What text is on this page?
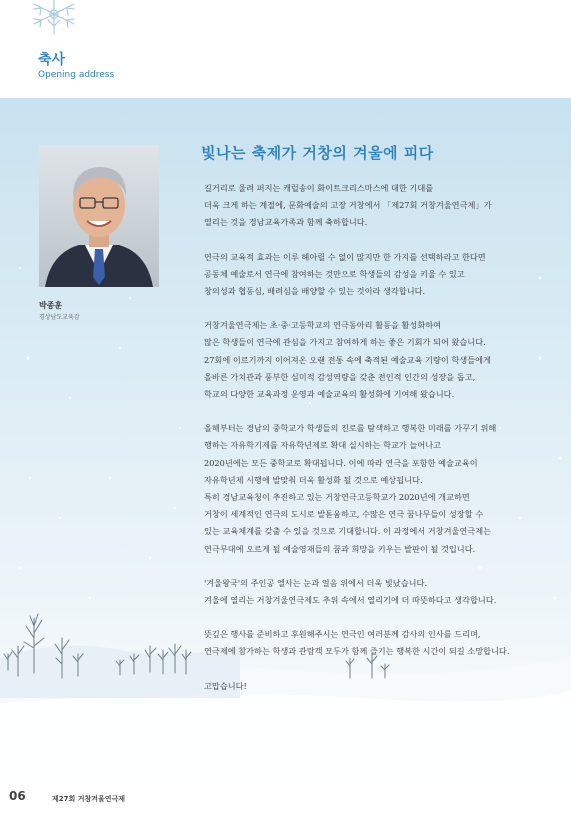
축사

Opening address

박종훈

경상남도교육감

빛나는 축제가 거창의 겨울에 피다

길거리로 울려 퍼지는 캐럴송이 화이트크리스마스에 대한 기대를
더욱 크게 하는 계절에, 문화예술의 고장 거창에서 「제27회 거창겨울연극제」가
열리는 것을 경남교육가족과 함께 축하합니다.

연극의 교육적 효과는 이루 헤아릴 수 없이 많지만 한 가지를 선택하라고 한다면
공동체 예술로서 연극에 참여하는 것만으로 학생들의 감성을 키울 수 있고
창의성과 협동심, 배려심을 배양할 수 있는 것이라 생각합니다.

거창겨울연극제는 초·중·고등학교의 연극동아리 활동을 활성화하여
많은 학생들이 연극에 관심을 가지고 참여하게 하는 좋은 기회가 되어 왔습니다.
27회에 이르기까지 이어져온 오랜 전통 속에 축적된 예술교육 기량이 학생들에게
올바른 가치관과 풍부한 심미적 감성역량을 갖춘 전인적 인간의 성장을 돕고,
학교의 다양한 교육과정 운영과 예술교육의 활성화에 기여해 왔습니다.

올해부터는 경남의 중학교가 학생들의 진로를 탐색하고 행복한 미래를 가꾸기 위해
행하는 자유학기제를 자유학년제로 확대 실시하는 학교가 늘어나고
2020년에는 모든 중학교로 확대됩니다. 이에 따라 연극을 포함한 예술교육이
자유학년제 시행에 발맞춰 더욱 활성화 될 것으로 예상됩니다.
특히 경남교육청이 추진하고 있는 거창연극고등학교가 2020년에 개교하면
거창이 세계적인 연극의 도시로 발돋움하고, 수많은 연극 꿈나무들이 성장할 수
있는 교육체계를 갖출 수 있을 것으로 기대합니다. 이 과정에서 거창겨울연극제는
연극무대에 오르게 될 예술영재들의 꿈과 희망을 키우는 발판이 될 것입니다.

'겨울왕국'의 주인공 엘사는 눈과 얼음 위에서 더욱 빛났습니다.
겨울에 열리는 거창겨울연극제도 추위 속에서 열리기에 더 따뜻하다고 생각합니다.

뜻깊은 행사를 준비하고 후원해주시는 연극인 여러분께 감사의 인사를 드리며,
연극제에 참가하는 학생과 관람객 모두가 함께 즐기는 행복한 시간이 되길 소망합니다.

고맙습니다!

06	제27회 거창겨울연극제
